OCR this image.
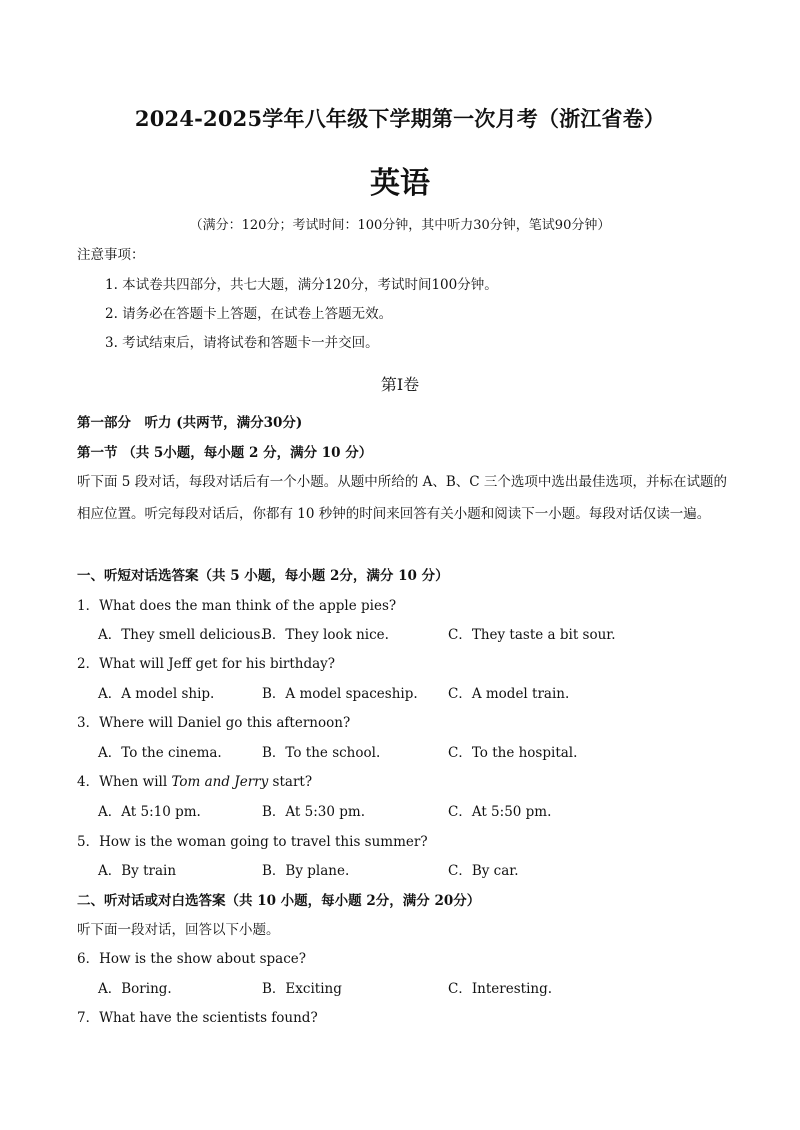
2024-2025学年八年级下学期第一次月考（浙江省卷）
英语
（满分：120分；考试时间：100分钟，其中听力30分钟，笔试90分钟）
注意事项：
1. 本试卷共四部分，共七大题，满分120分，考试时间100分钟。
2. 请务必在答题卡上答题，在试卷上答题无效。
3. 考试结束后，请将试卷和答题卡一并交回。
第I卷
第一部分　听力 (共两节，满分30分)
第一节 （共 5小题，每小题 2 分，满分 10 分）
听下面 5 段对话，每段对话后有一个小题。从题中所给的 A、B、C 三个选项中选出最佳选项，并标在试题的相应位置。听完每段对话后，你都有 10 秒钟的时间来回答有关小题和阅读下一小题。每段对话仅读一遍。
一、听短对话选答案（共 5 小题，每小题 2分，满分 10 分）
1．What does the man think of the apple pies?
A．They smell delicious.
B．They look nice.	C．They taste a bit sour.
2．What will Jeff get for his birthday?
A．A model ship.	B．A model spaceship. C．A model train.
3．Where will Daniel go this afternoon?
A．To the cinema.	B．To the school.	C．To the hospital.
4．When will Tom and Jerry start?
A．At 5:10 pm.	B．At 5:30 pm.	C．At 5:50 pm.
5．How is the woman going to travel this summer?
A．By train	B．By plane.	C．By car.
二、听对话或对白选答案（共 10 小题，每小题 2分，满分 20分）
听下面一段对话，回答以下小题。
6．How is the show about space?
A．Boring.	B．Exciting	C．Interesting.
7．What have the scientists found?
